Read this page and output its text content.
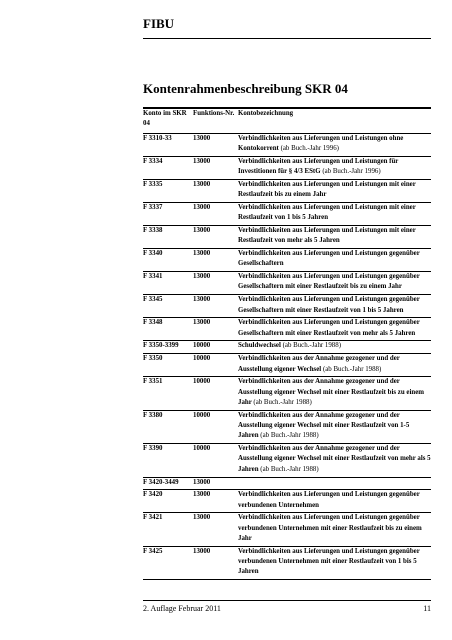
FIBU
Kontenrahmenbeschreibung SKR 04
Konto im SKR 04	Funktions-Nr.	Kontobezeichnung
F 3310-33	13000	Verbindlichkeiten aus Lieferungen und Leistungen ohne Kontokorrent (ab Buch.-Jahr 1996)
F 3334	13000	Verbindlichkeiten aus Lieferungen und Leistungen für Investitionen für § 4/3 EStG (ab Buch.-Jahr 1996)
F 3335	13000	Verbindlichkeiten aus Lieferungen und Leistungen mit einer Restlaufzeit bis zu einem Jahr
F 3337	13000	Verbindlichkeiten aus Lieferungen und Leistungen mit einer Restlaufzeit von 1 bis 5 Jahren
F 3338	13000	Verbindlichkeiten aus Lieferungen und Leistungen mit einer Restlaufzeit von mehr als 5 Jahren
F 3340	13000	Verbindlichkeiten aus Lieferungen und Leistungen gegenüber Gesellschaftern
F 3341	13000	Verbindlichkeiten aus Lieferungen und Leistungen gegenüber Gesellschaftern mit einer Restlaufzeit bis zu einem Jahr
F 3345	13000	Verbindlichkeiten aus Lieferungen und Leistungen gegenüber Gesellschaftern mit einer Restlaufzeit von 1 bis 5 Jahren
F 3348	13000	Verbindlichkeiten aus Lieferungen und Leistungen gegenüber Gesellschaftern mit einer Restlaufzeit von mehr als 5 Jahren
F 3350-3399	10000	Schuldwechsel (ab Buch.-Jahr 1988)
F 3350	10000	Verbindlichkeiten aus der Annahme gezogener und der Ausstellung eigener Wechsel (ab Buch.-Jahr 1988)
F 3351	10000	Verbindlichkeiten aus der Annahme gezogener und der Ausstellung eigener Wechsel mit einer Restlaufzeit bis zu einem Jahr (ab Buch.-Jahr 1988)
F 3380	10000	Verbindlichkeiten aus der Annahme gezogener und der Ausstellung eigener Wechsel mit einer Restlaufzeit von 1-5 Jahren (ab Buch.-Jahr 1988)
F 3390	10000	Verbindlichkeiten aus der Annahme gezogener und der Ausstellung eigener Wechsel mit einer Restlaufzeit von mehr als 5 Jahren (ab Buch.-Jahr 1988)
F 3420-3449	13000	
F 3420	13000	Verbindlichkeiten aus Lieferungen und Leistungen gegenüber verbundenen Unternehmen
F 3421	13000	Verbindlichkeiten aus Lieferungen und Leistungen gegenüber verbundenen Unternehmen mit einer Restlaufzeit bis zu einem Jahr
F 3425	13000	Verbindlichkeiten aus Lieferungen und Leistungen gegenüber verbundenen Unternehmen mit einer Restlaufzeit von 1 bis 5 Jahren
2. Auflage Februar 2011	11
